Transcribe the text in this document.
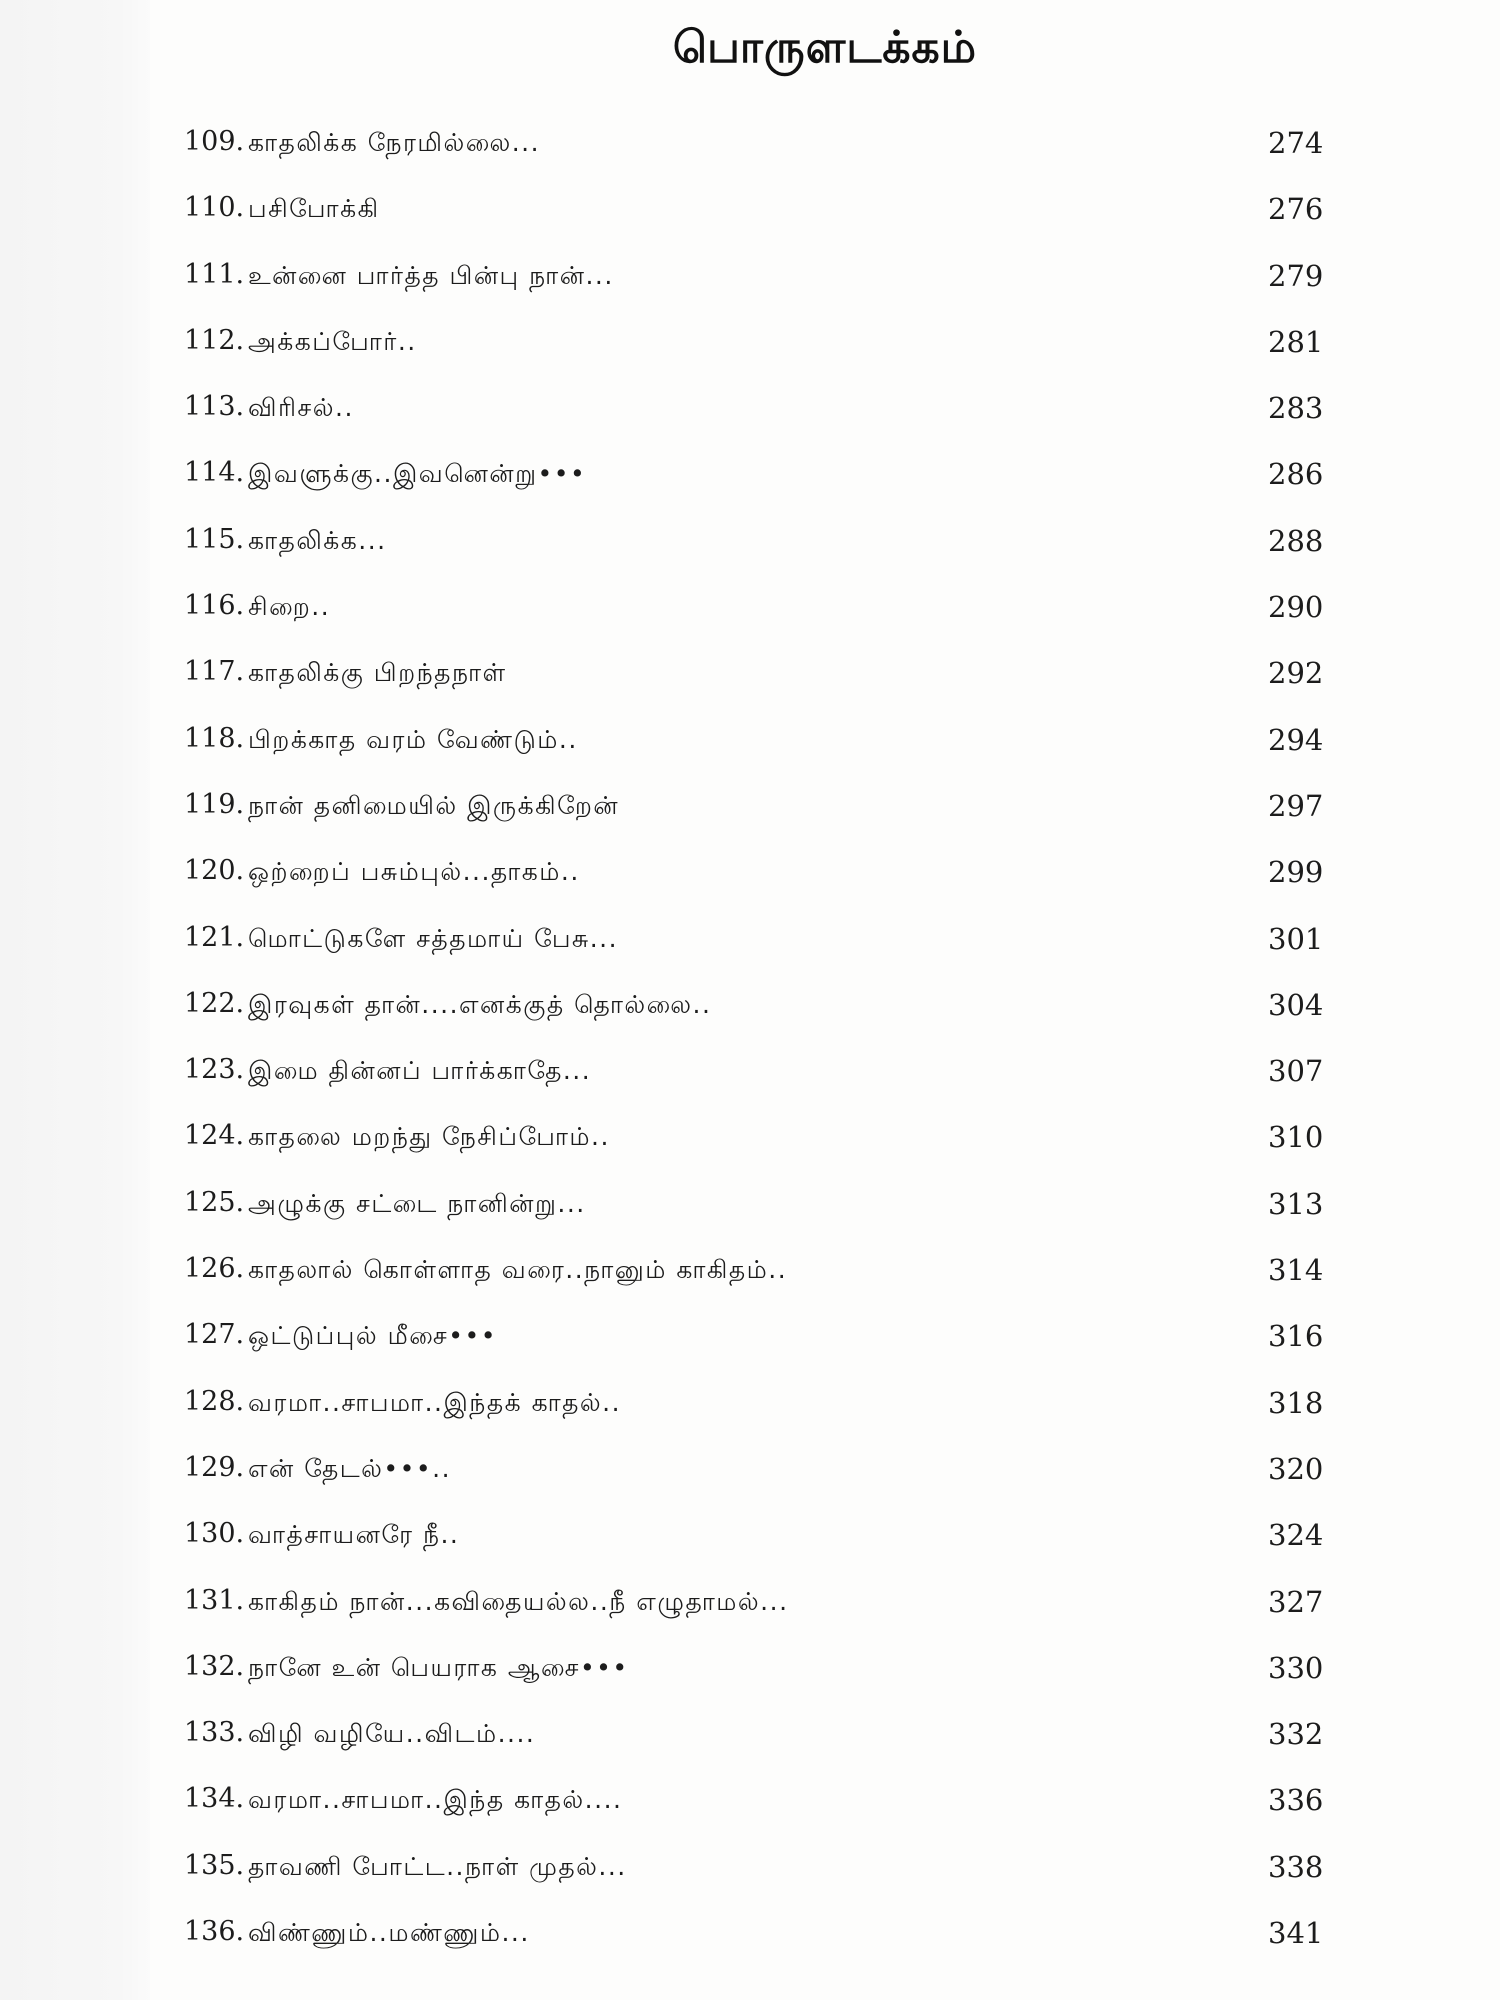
பொருளடக்கம்
109. காதலிக்க நேரமில்லை...	274
110. பசிபோக்கி	276
111. உன்னை பார்த்த பின்பு நான்...	279
112. அக்கப்போர்..	281
113. விரிசல்..	283
114. இவளுக்கு..இவனென்று•••	286
115. காதலிக்க...	288
116. சிறை..	290
117. காதலிக்கு பிறந்தநாள்	292
118. பிறக்காத வரம் வேண்டும்..	294
119. நான் தனிமையில் இருக்கிறேன்	297
120. ஒற்றைப் பசும்புல்...தாகம்..	299
121. மொட்டுகளே சத்தமாய் பேசு...	301
122. இரவுகள் தான்....எனக்குத் தொல்லை..	304
123. இமை தின்னப் பார்க்காதே...	307
124. காதலை மறந்து நேசிப்போம்..	310
125. அழுக்கு சட்டை நானின்று...	313
126. காதலால் கொள்ளாத வரை..நானும் காகிதம்..	314
127. ஒட்டுப்புல் மீசை•••	316
128. வரமா..சாபமா..இந்தக் காதல்..	318
129. என் தேடல்•••..	320
130. வாத்சாயனரே நீ..	324
131. காகிதம் நான்...கவிதையல்ல..நீ எழுதாமல்...	327
132. நானே உன் பெயராக ஆசை•••	330
133. விழி வழியே..விடம்....	332
134. வரமா..சாபமா..இந்த காதல்....	336
135. தாவணி போட்ட..நாள் முதல்...	338
136. விண்ணும்..மண்ணும்...	341
